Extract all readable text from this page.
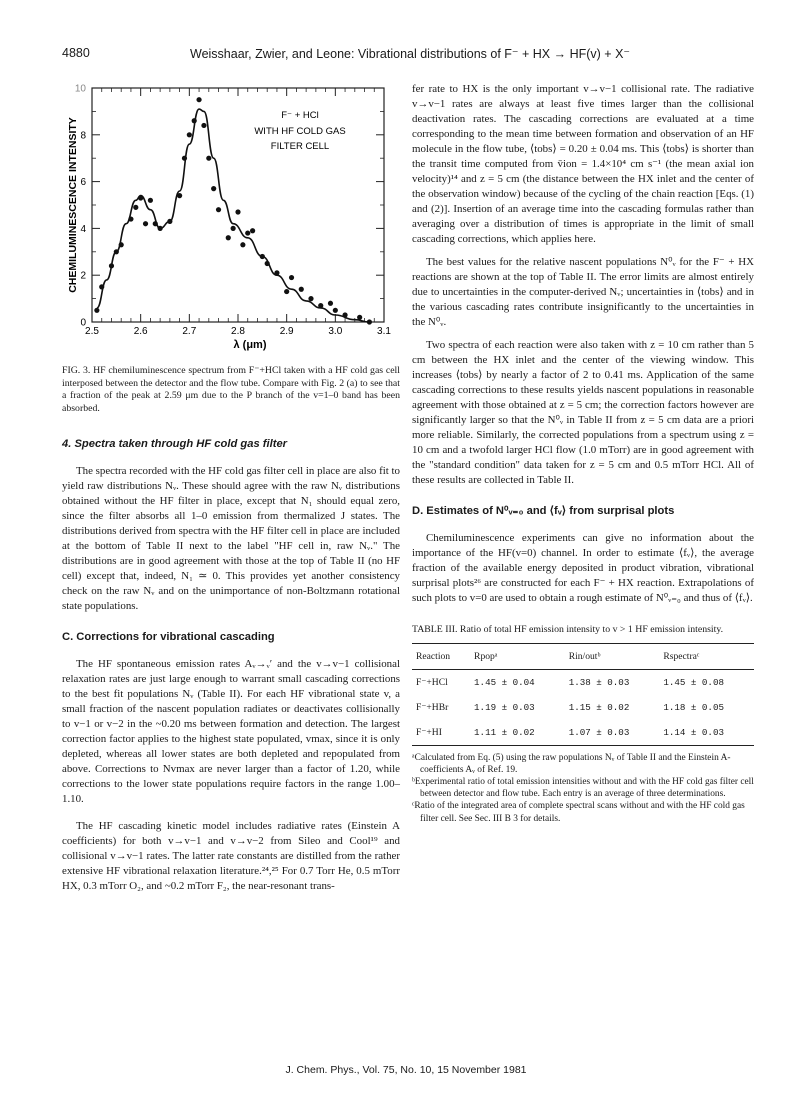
4880	Weisshaar, Zwier, and Leone: Vibrational distributions of F⁻ + HX → HF(v) + X⁻
F⁻ + HCl
WITH HF COLD GAS
FILTER CELL
CHEMILUMINESCENCE INTENSITY
λ (μm)
2.5	2.6	2.7	2.8	2.9	3.0	3.1
0
2
4
6
8
10
FIG. 3. HF chemiluminescence spectrum from F⁻+HCl taken with a HF cold gas cell interposed between the detector and the flow tube. Compare with Fig. 2 (a) to see that a fraction of the peak at 2.59 μm due to the P branch of the v=1–0 band has been absorbed.
4. Spectra taken through HF cold gas filter

The spectra recorded with the HF cold gas filter cell in place are also fit to yield raw distributions Nᵥ. These should agree with the raw Nᵥ distributions obtained without the HF filter in place, except that N₁ should equal zero, since the filter absorbs all 1–0 emission from thermalized J states. The distributions derived from spectra with the HF filter cell in place are included at the bottom of Table II next to the label "HF cell in, raw Nᵥ." The distributions are in good agreement with those at the top of Table II (no HF cell) except that, indeed, N₁ ≃ 0. This provides yet another consistency check on the raw Nᵥ and on the unimportance of non-Boltzmann rotational state populations.

C. Corrections for vibrational cascading

The HF spontaneous emission rates Aᵥ→ᵥ′ and the v→v−1 collisional relaxation rates are just large enough to warrant small cascading corrections to the best fit populations Nᵥ (Table II). For each HF vibrational state v, a small fraction of the nascent population radiates or deactivates collisionally to v−1 or v−2 in the ~0.20 ms between formation and detection. The largest correction factor applies to the highest state populated, vmax, since it is only depleted, whereas all lower states are both depleted and repopulated from above. Corrections to Nvmax are never larger than a factor of 1.20, while corrections to the lower state populations require factors in the range 1.00–1.10.

The HF cascading kinetic model includes radiative rates (Einstein A coefficients) for both v→v−1 and v→v−2 from Sileo and Cool¹⁹ and collisional v→v−1 rates. The latter rate constants are distilled from the rather extensive HF vibrational relaxation literature.²⁴,²⁵ For 0.7 Torr He, 0.5 mTorr HX, 0.3 mTorr O₂, and ~0.2 mTorr F₂, the near-resonant trans-

fer rate to HX is the only important v→v−1 collisional rate. The radiative v→v−1 rates are always at least five times larger than the collisional deactivation rates. The cascading corrections are evaluated at a time corresponding to the mean time between formation and observation of an HF molecule in the flow tube, ⟨tobs⟩ = 0.20 ± 0.04 ms. This ⟨tobs⟩ is shorter than the transit time computed from v̄ion = 1.4×10⁴ cm s⁻¹ (the mean axial ion velocity)¹⁴ and z = 5 cm (the distance between the HX inlet and the center of the observation window) because of the cycling of the chain reaction [Eqs. (1) and (2)]. Insertion of an average time into the cascading formulas rather than averaging over a distribution of times is appropriate in the limit of small cascading corrections, which applies here.

The best values for the relative nascent populations N⁰ᵥ for the F⁻ + HX reactions are shown at the top of Table II. The error limits are almost entirely due to uncertainties in the computer-derived Nᵥ; uncertainties in ⟨tobs⟩ and in the various cascading rates contribute insignificantly to the uncertainties in the N⁰ᵥ.

Two spectra of each reaction were also taken with z = 10 cm rather than 5 cm between the HX inlet and the center of the viewing window. This increases ⟨tobs⟩ by nearly a factor of 2 to 0.41 ms. Application of the same cascading corrections to these results yields nascent populations in reasonable agreement with those obtained at z = 5 cm; the correction factors however are significantly larger so that the N⁰ᵥ in Table II from z = 5 cm data are a priori more reliable. Similarly, the corrected populations from a spectrum using z = 10 cm and a twofold larger HCl flow (1.0 mTorr) are in good agreement with the "standard condition" data taken for z = 5 cm and 0.5 mTorr HCl. All of these results are collected in Table II.

D. Estimates of N⁰ᵥ₌₀ and ⟨fᵥ⟩ from surprisal plots

Chemiluminescence experiments can give no information about the importance of the HF(v=0) channel. In order to estimate ⟨fᵥ⟩, the average fraction of the available energy deposited in product vibration, vibrational surprisal plots²⁶ are constructed for each F⁻ + HX reaction. Extrapolations of such plots to v=0 are used to obtain a rough estimate of N⁰ᵥ₌₀ and thus of ⟨fᵥ⟩.

TABLE III. Ratio of total HF emission intensity to v > 1 HF emission intensity.
Reaction	Rpopᵃ	Rin/outᵇ	Rspectraᶜ
F⁻+HCl	1.45 ± 0.04	1.38 ± 0.03	1.45 ± 0.08
F⁻+HBr	1.19 ± 0.03	1.15 ± 0.02	1.18 ± 0.05
F⁻+HI	1.11 ± 0.02	1.07 ± 0.03	1.14 ± 0.03
ᵃCalculated from Eq. (5) using the raw populations Nᵥ of Table II and the Einstein A-coefficients Aᵥ of Ref. 19.
ᵇExperimental ratio of total emission intensities without and with the HF cold gas filter cell between detector and flow tube. Each entry is an average of three determinations.
ᶜRatio of the integrated area of complete spectral scans without and with the HF cold gas filter cell. See Sec. III B 3 for details.
J. Chem. Phys., Vol. 75, No. 10, 15 November 1981
